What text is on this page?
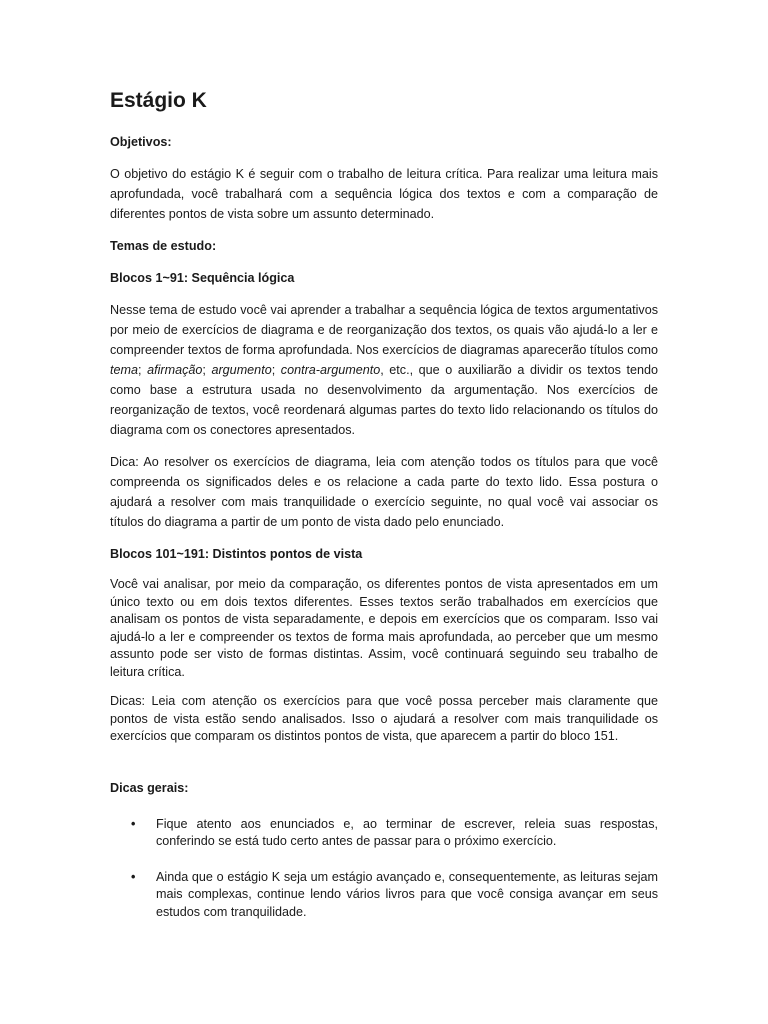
Estágio K
Objetivos:
O objetivo do estágio K é seguir com o trabalho de leitura crítica. Para realizar uma leitura mais aprofundada, você trabalhará com a sequência lógica dos textos e com a comparação de diferentes pontos de vista sobre um assunto determinado.
Temas de estudo:
Blocos 1~91: Sequência lógica
Nesse tema de estudo você vai aprender a trabalhar a sequência lógica de textos argumentativos por meio de exercícios de diagrama e de reorganização dos textos, os quais vão ajudá-lo a ler e compreender textos de forma aprofundada. Nos exercícios de diagramas aparecerão títulos como tema; afirmação; argumento; contra-argumento, etc., que o auxiliarão a dividir os textos tendo como base a estrutura usada no desenvolvimento da argumentação. Nos exercícios de reorganização de textos, você reordenará algumas partes do texto lido relacionando os títulos do diagrama com os conectores apresentados.
Dica: Ao resolver os exercícios de diagrama, leia com atenção todos os títulos para que você compreenda os significados deles e os relacione a cada parte do texto lido. Essa postura o ajudará a resolver com mais tranquilidade o exercício seguinte, no qual você vai associar os títulos do diagrama a partir de um ponto de vista dado pelo enunciado.
Blocos 101~191: Distintos pontos de vista
Você vai analisar, por meio da comparação, os diferentes pontos de vista apresentados em um único texto ou em dois textos diferentes. Esses textos serão trabalhados em exercícios que analisam os pontos de vista separadamente, e depois em exercícios que os comparam. Isso vai ajudá-lo a ler e compreender os textos de forma mais aprofundada, ao perceber que um mesmo assunto pode ser visto de formas distintas. Assim, você continuará seguindo seu trabalho de leitura crítica.
Dicas: Leia com atenção os exercícios para que você possa perceber mais claramente que pontos de vista estão sendo analisados. Isso o ajudará a resolver com mais tranquilidade os exercícios que comparam os distintos pontos de vista, que aparecem a partir do bloco 151.
Dicas gerais:
• Fique atento aos enunciados e, ao terminar de escrever, releia suas respostas, conferindo se está tudo certo antes de passar para o próximo exercício.
• Ainda que o estágio K seja um estágio avançado e, consequentemente, as leituras sejam mais complexas, continue lendo vários livros para que você consiga avançar em seus estudos com tranquilidade.
